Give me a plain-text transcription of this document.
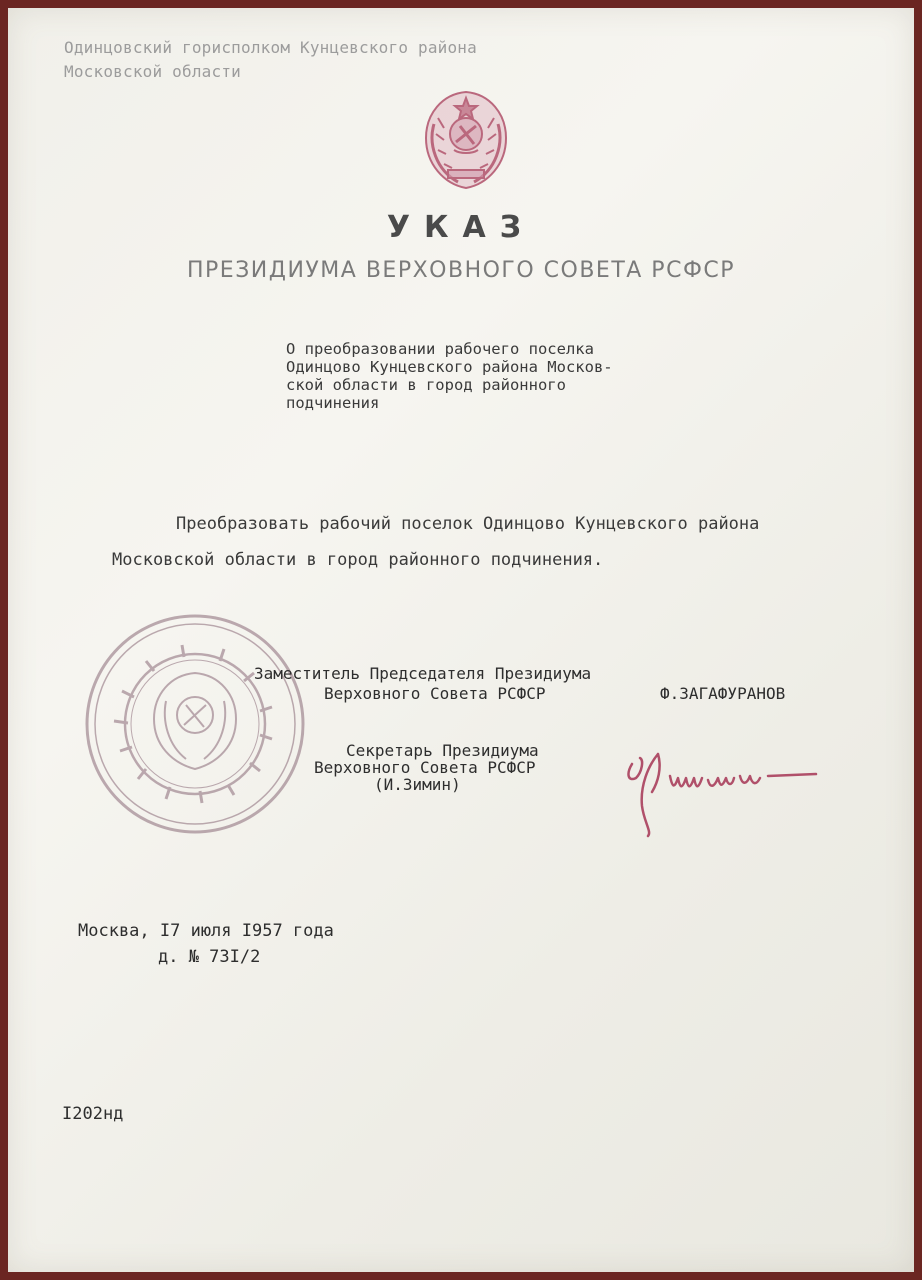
Одинцовский горисполком Кунцевского района
Московской области
УКАЗ
ПРЕЗИДИУМА ВЕРХОВНОГО СОВЕТА РСФСР
О преобразовании рабочего поселка
Одинцово Кунцевского района Москов-
ской области в город районного
подчинения
Преобразовать рабочий поселок Одинцово Кунцевского района
Московской области в город районного подчинения.
Заместитель Председателя Президиума
Верховного Совета РСФСР	Ф.ЗАГАФУРАНОВ
Секретарь Президиума
Верховного Совета РСФСР
(И.Зимин)
Москва, I7 июля I957 года
д. № 73I/2
I202нд
